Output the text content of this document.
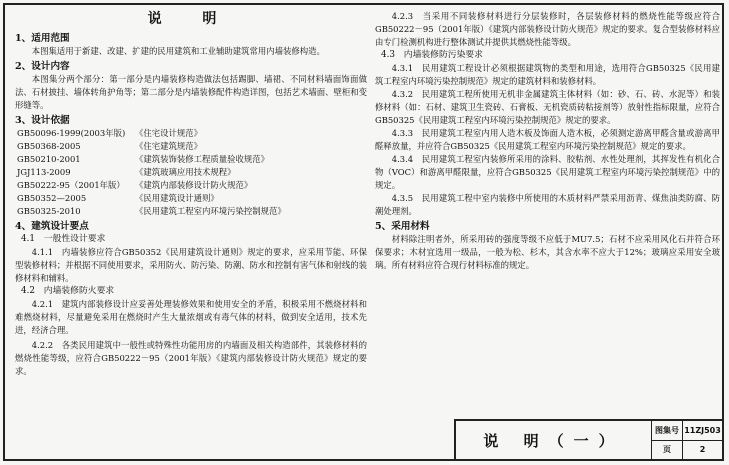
说 明
1、适用范围
本图集适用于新建、改建、扩建的民用建筑和工业辅助建筑常用内墙装修构造。
2、设计内容
本图集分两个部分：第一部分是内墙装修构造做法包括踢脚、墙裙、不同材料墙面饰面做法、石材披挂、墙体转角护角等；第二部分是内墙装修配件构造详图，包括艺术墙面、壁柜和变形缝等。
3、设计依据
GB50096-1999(2003年版)	《住宅设计规范》
GB50368-2005	《住宅建筑规范》
GB50210-2001	《建筑装饰装修工程质量验收规范》
JGJ113-2009	《建筑玻璃应用技术规程》
GB50222-95（2001年版）	《建筑内部装修设计防火规范》
GB50352—2005	《民用建筑设计通则》
GB50325-2010	《民用建筑工程室内环境污染控制规范》
4、建筑设计要点
4.1　一般性设计要求
4.1.1　内墙装修应符合GB50352《民用建筑设计通则》规定的要求，应采用节能、环保型装修材料；并根据不同使用要求，采用防火、防污染、防潮、防水和控制有害气体和射线的装修材料和辅料。
4.2　内墙装修防火要求
4.2.1　建筑内部装修设计应妥善处理装修效果和使用安全的矛盾，积极采用不燃烧材料和难燃烧材料，尽量避免采用在燃烧时产生大量浓烟或有毒气体的材料，做到安全适用，技术先进，经济合理。
4.2.2　各类民用建筑中一般性或特殊性功能用房的内墙面及相关构造部件，其装修材料的燃烧性能等级，应符合GB50222－95（2001年版）《建筑内部装修设计防火规范》规定的要求。
4.2.3　当采用不同装修材料进行分层装修时，各层装修材料的燃烧性能等级应符合GB50222－95（2001年版）《建筑内部装修设计防火规范》规定的要求。复合型装修材料应由专门检测机构进行整体测试并提供其燃烧性能等级。
4.3　内墙装修防污染要求
4.3.1　民用建筑工程设计必须根据建筑物的类型和用途，选用符合GB50325《民用建筑工程室内环境污染控制规范》规定的建筑材料和装修材料。
4.3.2　民用建筑工程所使用无机非金属建筑主体材料（如：砂、石、砖、水泥等）和装修材料（如：石材、建筑卫生瓷砖、石膏板、无机瓷质砖粘接剂等）放射性指标限量，应符合GB50325《民用建筑工程室内环境污染控制规范》规定的要求。
4.3.3　民用建筑工程室内用人造木板及饰面人造木板，必须测定游离甲醛含量或游离甲醛释放量，并应符合GB50325《民用建筑工程室内环境污染控制规范》规定的要求。
4.3.4　民用建筑工程室内装修所采用的涂料、胶粘剂、水性处理剂，其挥发性有机化合物（VOC）和游离甲醛限量，应符合GB50325《民用建筑工程室内环境污染控制规范》中的规定。
4.3.5　民用建筑工程中室内装修中所使用的木质材料严禁采用沥青、煤焦油类防腐、防潮处理剂。
5、采用材料
材料除注明者外，所采用砖的强度等级不应低于MU7.5；石材不应采用风化石并符合环保要求；木材宜选用一级品，一般为松、杉木，其含水率不应大于12%；玻璃应采用安全玻璃。所有材料应符合现行材料标准的规定。
说 明（一）
图集号 11ZJ503
页	2
